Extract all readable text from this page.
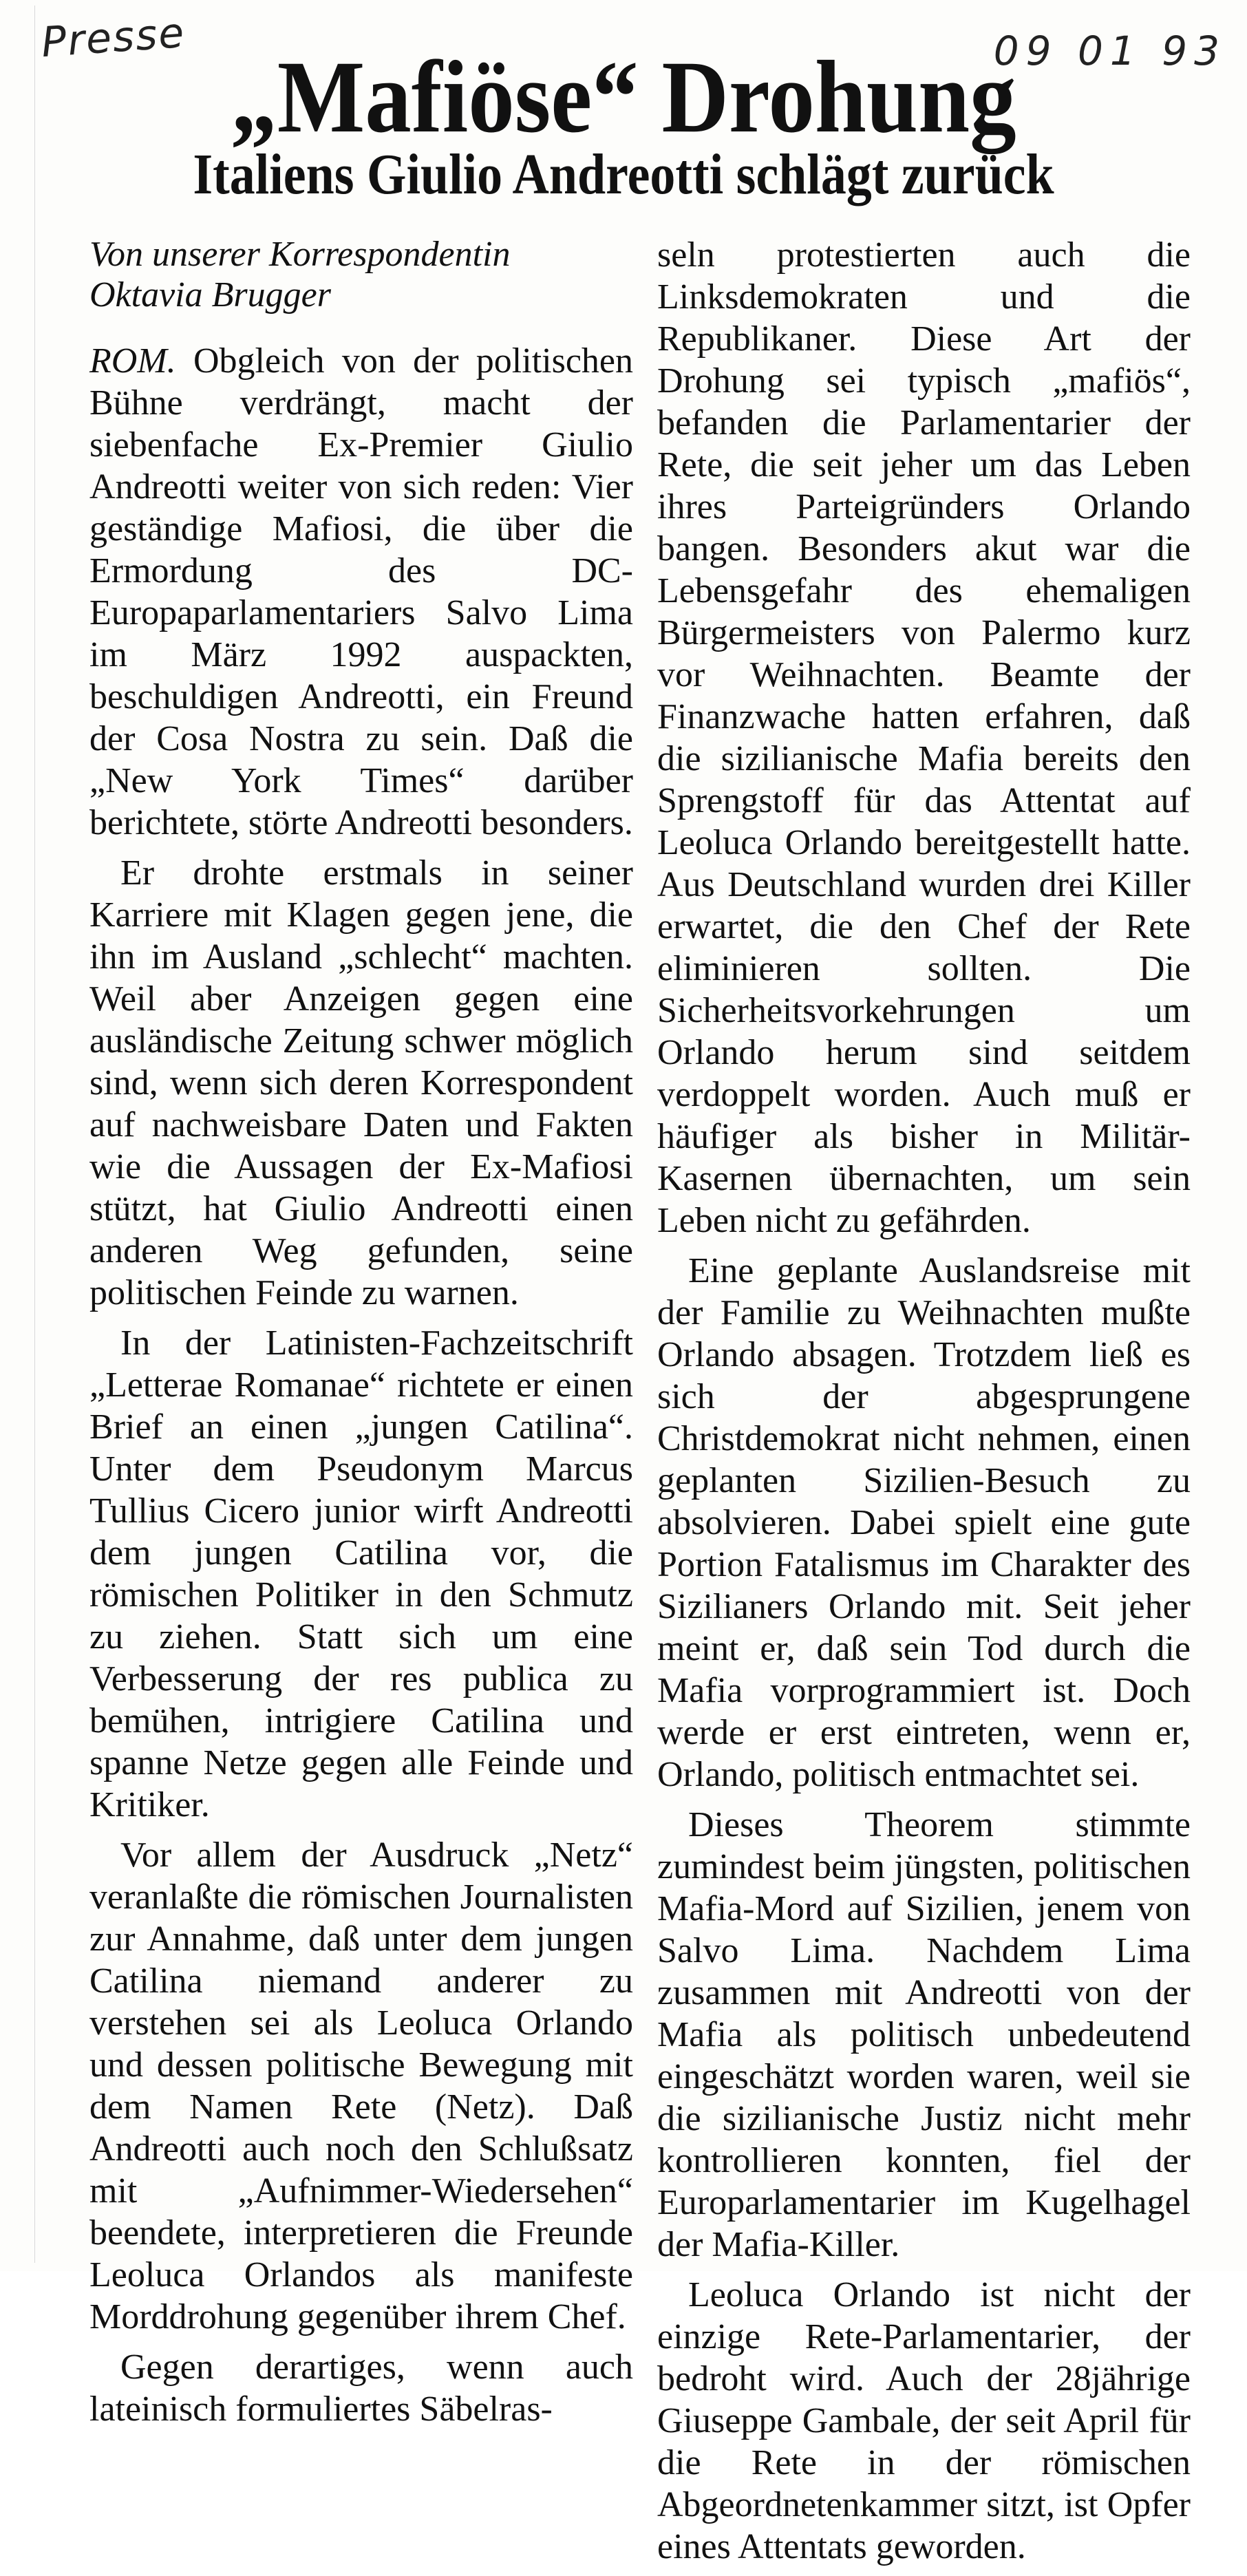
Presse	09 01 93
„Mafiöse“ Drohung
Italiens Giulio Andreotti schlägt zurück
Von unserer Korrespondentin
Oktavia Brugger

ROM. Obgleich von der politischen Bühne verdrängt, macht der siebenfache Ex-Premier Giulio Andreotti weiter von sich reden: Vier geständige Mafiosi, die über die Ermordung des DC-Europaparlamentariers Salvo Lima im März 1992 auspackten, beschuldigen Andreotti, ein Freund der Cosa Nostra zu sein. Daß die „New York Times“ darüber berichtete, störte Andreotti besonders.

Er drohte erstmals in seiner Karriere mit Klagen gegen jene, die ihn im Ausland „schlecht“ machten. Weil aber Anzeigen gegen eine ausländische Zeitung schwer möglich sind, wenn sich deren Korrespondent auf nachweisbare Daten und Fakten wie die Aussagen der Ex-Mafiosi stützt, hat Giulio Andreotti einen anderen Weg gefunden, seine politischen Feinde zu warnen.

In der Latinisten-Fachzeitschrift „Letterae Romanae“ richtete er einen Brief an einen „jungen Catilina“. Unter dem Pseudonym Marcus Tullius Cicero junior wirft Andreotti dem jungen Catilina vor, die römischen Politiker in den Schmutz zu ziehen. Statt sich um eine Verbesserung der res publica zu bemühen, intrigiere Catilina und spanne Netze gegen alle Feinde und Kritiker.

Vor allem der Ausdruck „Netz“ veranlaßte die römischen Journalisten zur Annahme, daß unter dem jungen Catilina niemand anderer zu verstehen sei als Leoluca Orlando und dessen politische Bewegung mit dem Namen Rete (Netz). Daß Andreotti auch noch den Schlußsatz mit „Aufnimmer-Wiedersehen“ beendete, interpretieren die Freunde Leoluca Orlandos als manifeste Morddrohung gegenüber ihrem Chef.

Gegen derartiges, wenn auch lateinisch formuliertes Säbelras-

seln protestierten auch die Linksdemokraten und die Republikaner. Diese Art der Drohung sei typisch „mafiös“, befanden die Parlamentarier der Rete, die seit jeher um das Leben ihres Parteigründers Orlando bangen. Besonders akut war die Lebensgefahr des ehemaligen Bürgermeisters von Palermo kurz vor Weihnachten. Beamte der Finanzwache hatten erfahren, daß die sizilianische Mafia bereits den Sprengstoff für das Attentat auf Leoluca Orlando bereitgestellt hatte. Aus Deutschland wurden drei Killer erwartet, die den Chef der Rete eliminieren sollten. Die Sicherheitsvorkehrungen um Orlando herum sind seitdem verdoppelt worden. Auch muß er häufiger als bisher in Militär-Kasernen übernachten, um sein Leben nicht zu gefährden.

Eine geplante Auslandsreise mit der Familie zu Weihnachten mußte Orlando absagen. Trotzdem ließ es sich der abgesprungene Christdemokrat nicht nehmen, einen geplanten Sizilien-Besuch zu absolvieren. Dabei spielt eine gute Portion Fatalismus im Charakter des Sizilianers Orlando mit. Seit jeher meint er, daß sein Tod durch die Mafia vorprogrammiert ist. Doch werde er erst eintreten, wenn er, Orlando, politisch entmachtet sei.

Dieses Theorem stimmte zumindest beim jüngsten, politischen Mafia-Mord auf Sizilien, jenem von Salvo Lima. Nachdem Lima zusammen mit Andreotti von der Mafia als politisch unbedeutend eingeschätzt worden waren, weil sie die sizilianische Justiz nicht mehr kontrollieren konnten, fiel der Europarlamentarier im Kugelhagel der Mafia-Killer.

Leoluca Orlando ist nicht der einzige Rete-Parlamentarier, der bedroht wird. Auch der 28jährige Giuseppe Gambale, der seit April für die Rete in der römischen Abgeordnetenkammer sitzt, ist Opfer eines Attentats geworden.
